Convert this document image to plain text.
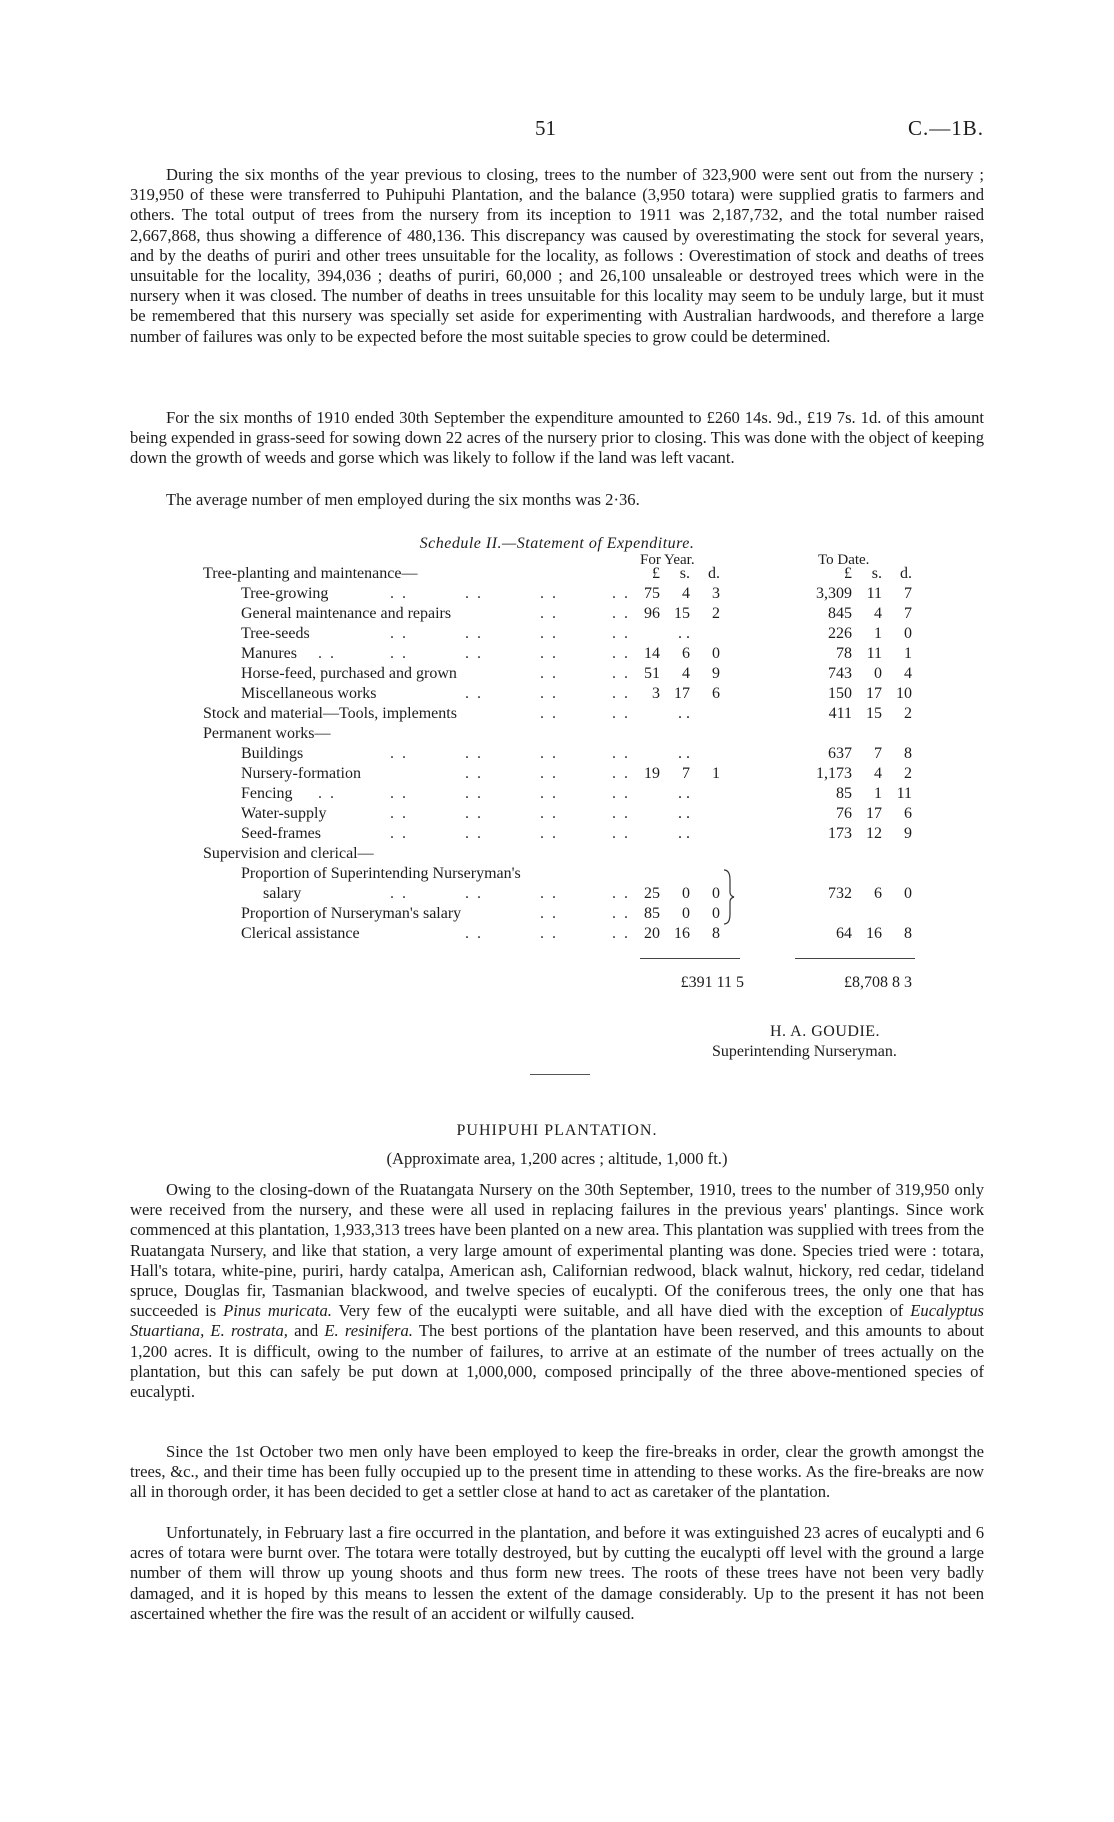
51	C.—1B.

During the six months of the year previous to closing, trees to the number of 323,900 were sent out from the nursery ; 319,950 of these were transferred to Puhipuhi Plantation, and the balance (3,950 totara) were supplied gratis to farmers and others. The total output of trees from the nursery from its inception to 1911 was 2,187,732, and the total number raised 2,667,868, thus showing a difference of 480,136. This discrepancy was caused by overestimating the stock for several years, and by the deaths of puriri and other trees unsuitable for the locality, as follows : Overestimation of stock and deaths of trees unsuitable for the locality, 394,036 ; deaths of puriri, 60,000 ; and 26,100 unsaleable or destroyed trees which were in the nursery when it was closed. The number of deaths in trees unsuitable for this locality may seem to be unduly large, but it must be remembered that this nursery was specially set aside for experimenting with Australian hardwoods, and therefore a large number of failures was only to be expected before the most suitable species to grow could be determined.

For the six months of 1910 ended 30th September the expenditure amounted to £260 14s. 9d., £19 7s. 1d. of this amount being expended in grass-seed for sowing down 22 acres of the nursery prior to closing. This was done with the object of keeping down the growth of weeds and gorse which was likely to follow if the land was left vacant.

The average number of men employed during the six months was 2·36.

Schedule II.—Statement of Expenditure.
For Year.	To Date.
Tree-planting and maintenance—	£	s.	d.	£	s.	d.
Tree-growing	. .	. .	. .	. . 75	4	3	3,309 11	7
General maintenance and repairs	. .	. . 96 15	2	845	4	7
Tree-seeds	. .	. .	. .	. .	. .	226	1	0
Manures . .	. .	. .	. .	. . 14	6	0	78 11	1
Horse-feed, purchased and grown	. .	. . 51	4	9	743	0	4
Miscellaneous works	. .	. .	. .	3 17	6	150 17 10
Stock and material—Tools, implements	. .	. .	. .	411 15	2
Permanent works—
Buildings	. .	. .	. .	. .	. .	637	7	8
Nursery-formation	. .	. .	. . 19	7	1	1,173	4	2
Fencing . .	. .	. .	. .	. .	. .	85	1 11
Water-supply	. .	. .	. .	. .	. .	76 17	6
Seed-frames	. .	. .	. .	. .	. .	173 12	9
Supervision and clerical—
Proportion of Superintending Nurseryman's
salary	. .	. .	. .	. . 25	0	0	732	6	0
Proportion of Nurseryman's salary	. .	. . 85	0	0
Clerical assistance	. .	. .	. . 20 16	8	64 16	8
£391 11 5	£8,708 8 3
H. A. GOUDIE.
Superintending Nurseryman.
PUHIPUHI PLANTATION.
(Approximate area, 1,200 acres ; altitude, 1,000 ft.)

Owing to the closing-down of the Ruatangata Nursery on the 30th September, 1910, trees to the number of 319,950 only were received from the nursery, and these were all used in replacing failures in the previous years' plantings. Since work commenced at this plantation, 1,933,313 trees have been planted on a new area. This plantation was supplied with trees from the Ruatangata Nursery, and like that station, a very large amount of experimental planting was done. Species tried were : totara, Hall's totara, white-pine, puriri, hardy catalpa, American ash, Californian redwood, black walnut, hickory, red cedar, tideland spruce, Douglas fir, Tasmanian blackwood, and twelve species of eucalypti. Of the coniferous trees, the only one that has succeeded is Pinus muricata. Very few of the eucalypti were suitable, and all have died with the exception of Eucalyptus Stuartiana, E. rostrata, and E. resinifera. The best portions of the plantation have been reserved, and this amounts to about 1,200 acres. It is difficult, owing to the number of failures, to arrive at an estimate of the number of trees actually on the plantation, but this can safely be put down at 1,000,000, composed principally of the three above-mentioned species of eucalypti.

Since the 1st October two men only have been employed to keep the fire-breaks in order, clear the growth amongst the trees, &c., and their time has been fully occupied up to the present time in attending to these works. As the fire-breaks are now all in thorough order, it has been decided to get a settler close at hand to act as caretaker of the plantation.

Unfortunately, in February last a fire occurred in the plantation, and before it was extinguished 23 acres of eucalypti and 6 acres of totara were burnt over. The totara were totally destroyed, but by cutting the eucalypti off level with the ground a large number of them will throw up young shoots and thus form new trees. The roots of these trees have not been very badly damaged, and it is hoped by this means to lessen the extent of the damage considerably. Up to the present it has not been ascertained whether the fire was the result of an accident or wilfully caused.
